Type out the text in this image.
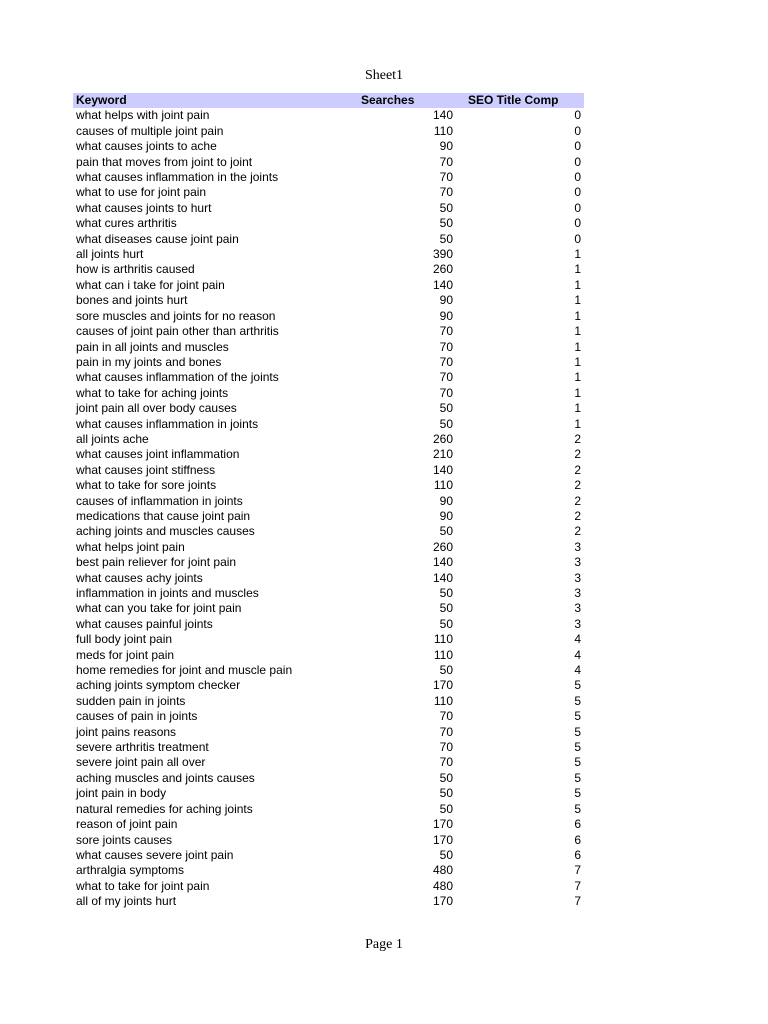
Sheet1
Keyword	Searches	SEO Title Comp
what helps with joint pain	140	0
causes of multiple joint pain	110	0
what causes joints to ache	90	0
pain that moves from joint to joint	70	0
what causes inflammation in the joints	70	0
what to use for joint pain	70	0
what causes joints to hurt	50	0
what cures arthritis	50	0
what diseases cause joint pain	50	0
all joints hurt	390	1
how is arthritis caused	260	1
what can i take for joint pain	140	1
bones and joints hurt	90	1
sore muscles and joints for no reason	90	1
causes of joint pain other than arthritis	70	1
pain in all joints and muscles	70	1
pain in my joints and bones	70	1
what causes inflammation of the joints	70	1
what to take for aching joints	70	1
joint pain all over body causes	50	1
what causes inflammation in joints	50	1
all joints ache	260	2
what causes joint inflammation	210	2
what causes joint stiffness	140	2
what to take for sore joints	110	2
causes of inflammation in joints	90	2
medications that cause joint pain	90	2
aching joints and muscles causes	50	2
what helps joint pain	260	3
best pain reliever for joint pain	140	3
what causes achy joints	140	3
inflammation in joints and muscles	50	3
what can you take for joint pain	50	3
what causes painful joints	50	3
full body joint pain	110	4
meds for joint pain	110	4
home remedies for joint and muscle pain	50	4
aching joints symptom checker	170	5
sudden pain in joints	110	5
causes of pain in joints	70	5
joint pains reasons	70	5
severe arthritis treatment	70	5
severe joint pain all over	70	5
aching muscles and joints causes	50	5
joint pain in body	50	5
natural remedies for aching joints	50	5
reason of joint pain	170	6
sore joints causes	170	6
what causes severe joint pain	50	6
arthralgia symptoms	480	7
what to take for joint pain	480	7
all of my joints hurt	170	7
Page 1
